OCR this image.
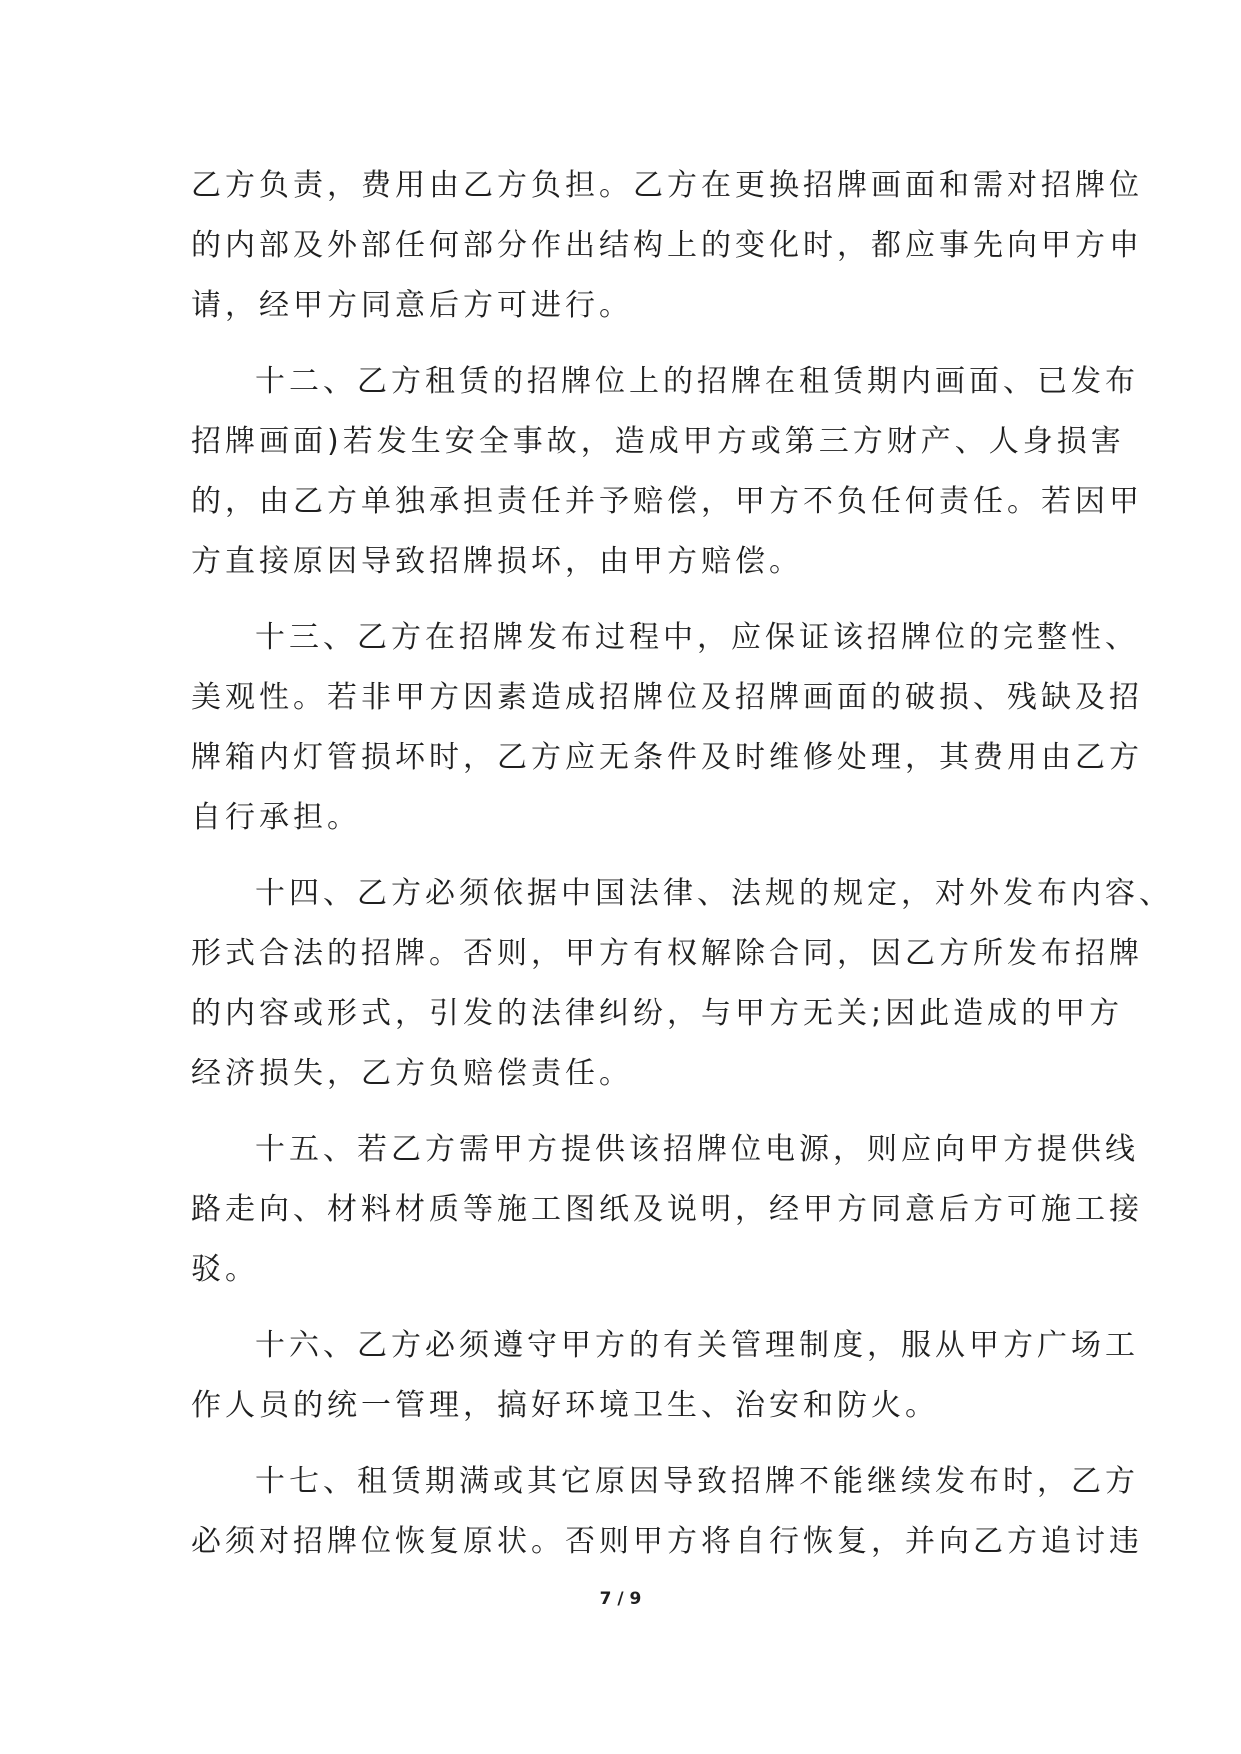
乙方负责，费用由乙方负担。乙方在更换招牌画面和需对招牌位
的内部及外部任何部分作出结构上的变化时，都应事先向甲方申
请，经甲方同意后方可进行。
十二、乙方租赁的招牌位上的招牌在租赁期内画面、已发布
招牌画面)若发生安全事故，造成甲方或第三方财产、人身损害
的，由乙方单独承担责任并予赔偿，甲方不负任何责任。若因甲
方直接原因导致招牌损坏，由甲方赔偿。
十三、乙方在招牌发布过程中，应保证该招牌位的完整性、
美观性。若非甲方因素造成招牌位及招牌画面的破损、残缺及招
牌箱内灯管损坏时，乙方应无条件及时维修处理，其费用由乙方
自行承担。
十四、乙方必须依据中国法律、法规的规定，对外发布内容、
形式合法的招牌。否则，甲方有权解除合同，因乙方所发布招牌
的内容或形式，引发的法律纠纷，与甲方无关;因此造成的甲方
经济损失，乙方负赔偿责任。
十五、若乙方需甲方提供该招牌位电源，则应向甲方提供线
路走向、材料材质等施工图纸及说明，经甲方同意后方可施工接
驳。
十六、乙方必须遵守甲方的有关管理制度，服从甲方广场工
作人员的统一管理，搞好环境卫生、治安和防火。
十七、租赁期满或其它原因导致招牌不能继续发布时，乙方
必须对招牌位恢复原状。否则甲方将自行恢复，并向乙方追讨违
7 / 9
